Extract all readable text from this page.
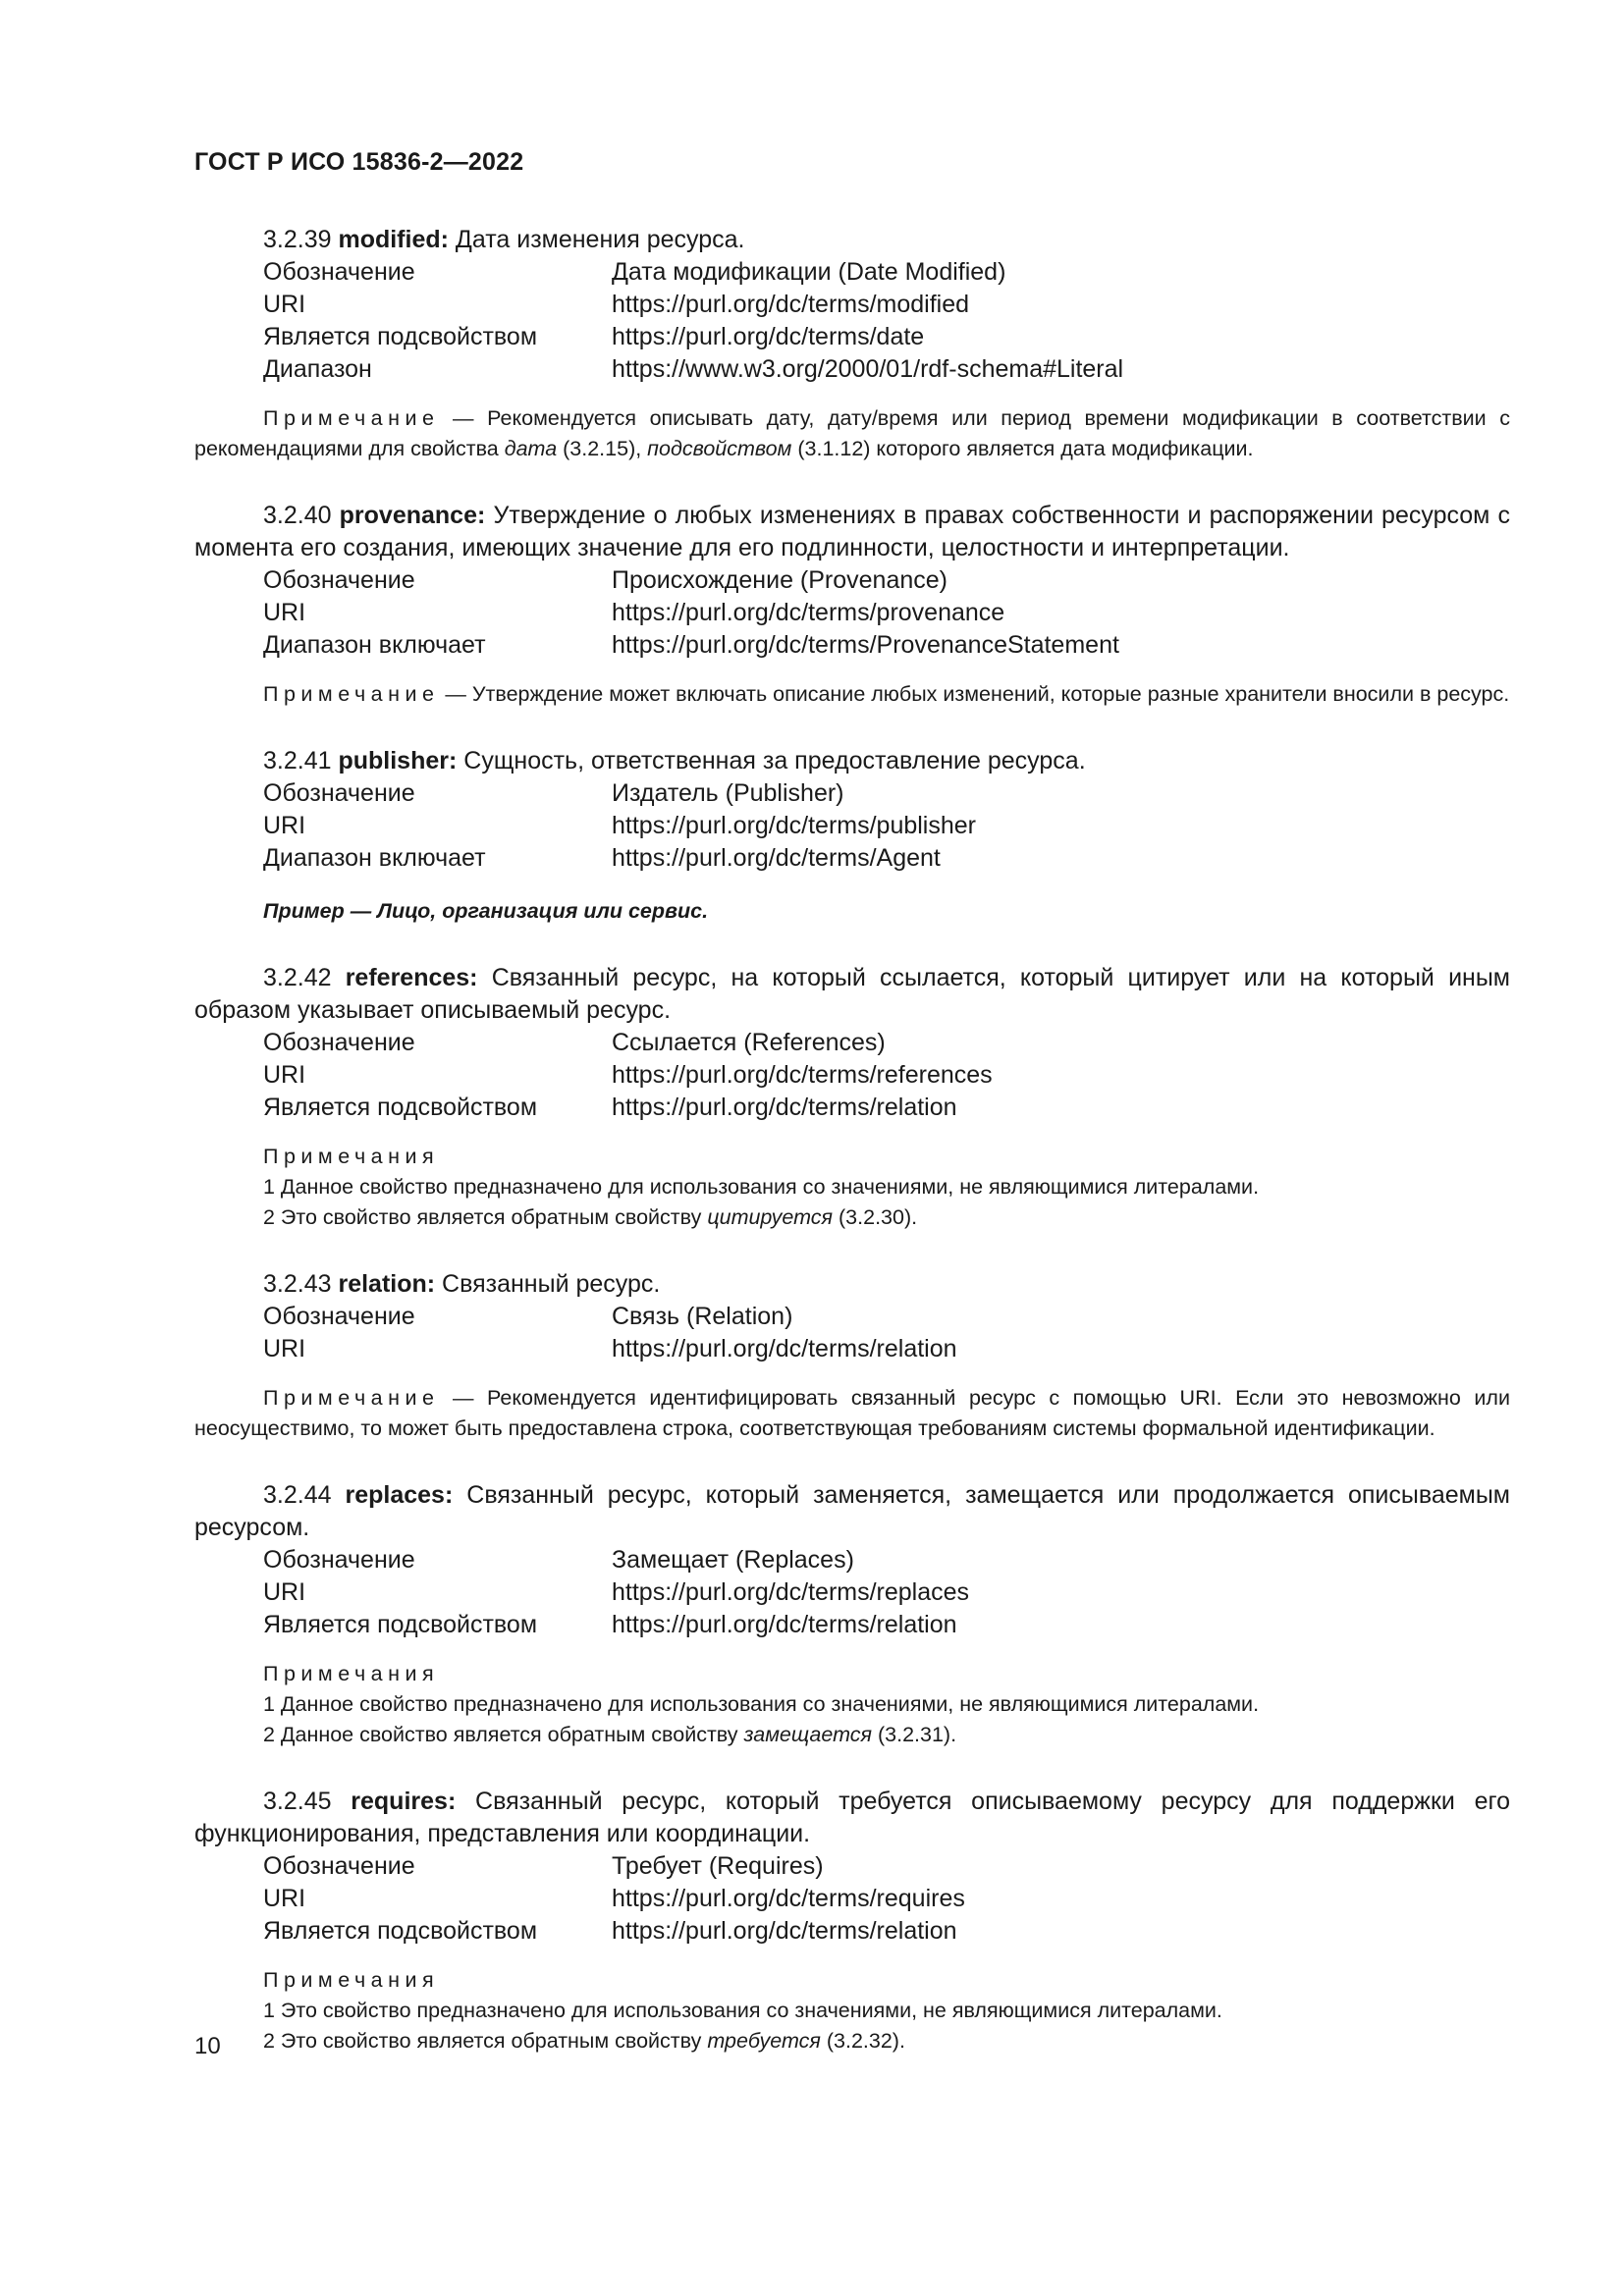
ГОСТ Р ИСО 15836-2—2022

3.2.39 modified: Дата изменения ресурса.

Обозначение	Дата модификации (Date Modified)
URI	https://purl.org/dc/terms/modified
Является подсвойством	https://purl.org/dc/terms/date
Диапазон	https://www.w3.org/2000/01/rdf-schema#Literal

Примечание — Рекомендуется описывать дату, дату/время или период времени модификации в соответствии с рекомендациями для свойства дата (3.2.15), подсвойством (3.1.12) которого является дата модификации.

3.2.40 provenance: Утверждение о любых изменениях в правах собственности и распоряжении ресурсом с момента его создания, имеющих значение для его подлинности, целостности и интерпретации.

Обозначение	Происхождение (Provenance)
URI	https://purl.org/dc/terms/provenance
Диапазон включает	https://purl.org/dc/terms/ProvenanceStatement

Примечание — Утверждение может включать описание любых изменений, которые разные хранители вносили в ресурс.

3.2.41 publisher: Сущность, ответственная за предоставление ресурса.

Обозначение	Издатель (Publisher)
URI	https://purl.org/dc/terms/publisher
Диапазон включает	https://purl.org/dc/terms/Agent

Пример — Лицо, организация или сервис.

3.2.42 references: Связанный ресурс, на который ссылается, который цитирует или на который иным образом указывает описываемый ресурс.

Обозначение	Ссылается (References)
URI	https://purl.org/dc/terms/references
Является подсвойством	https://purl.org/dc/terms/relation
Примечания
1 Данное свойство предназначено для использования со значениями, не являющимися литералами.
2 Это свойство является обратным свойству цитируется (3.2.30).

3.2.43 relation: Связанный ресурс.

Обозначение	Связь (Relation)
URI	https://purl.org/dc/terms/relation

Примечание — Рекомендуется идентифицировать связанный ресурс с помощью URI. Если это невозможно или неосуществимо, то может быть предоставлена строка, соответствующая требованиям системы формальной идентификации.

3.2.44 replaces: Связанный ресурс, который заменяется, замещается или продолжается описываемым ресурсом.

Обозначение	Замещает (Replaces)
URI	https://purl.org/dc/terms/replaces
Является подсвойством	https://purl.org/dc/terms/relation
Примечания
1 Данное свойство предназначено для использования со значениями, не являющимися литералами.
2 Данное свойство является обратным свойству замещается (3.2.31).

3.2.45 requires: Связанный ресурс, который требуется описываемому ресурсу для поддержки его функционирования, представления или координации.

Обозначение	Требует (Requires)
URI	https://purl.org/dc/terms/requires
Является подсвойством	https://purl.org/dc/terms/relation
Примечания
1 Это свойство предназначено для использования со значениями, не являющимися литералами.
2 Это свойство является обратным свойству требуется (3.2.32).
10
